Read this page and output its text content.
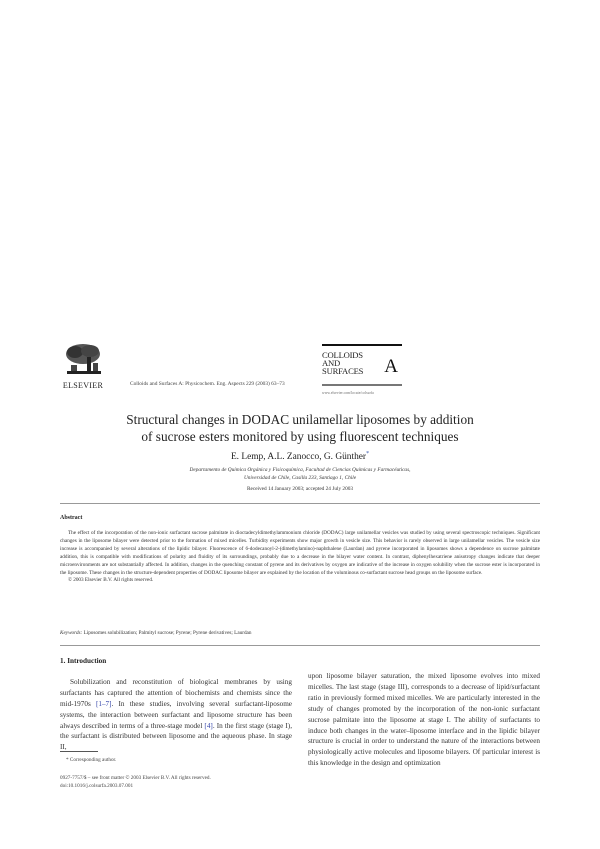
ELSEVIER	Colloids and Surfaces A: Physicochem. Eng. Aspects 229 (2003) 63–73
COLLOIDS
AND
SURFACES A
www.elsevier.com/locate/colsurfa
Structural changes in DODAC unilamellar liposomes by addition
of sucrose esters monitored by using fluorescent techniques
E. Lemp, A.L. Zanocco, G. Günther*
Departamento de Química Orgánica y Fisicoquímica, Facultad de Ciencias Químicas y Farmacéuticas,
Universidad de Chile, Casilla 233, Santiago 1, Chile
Received 14 January 2003; accepted 24 July 2003
Abstract

The effect of the incorporation of the non-ionic surfactant sucrose palmitate in dioctadecyldimethylammonium chloride (DODAC) large unilamellar vesicles was studied by using several spectroscopic techniques. Significant changes in the liposome bilayer were detected prior to the formation of mixed micelles. Turbidity experiments show major growth in vesicle size. This behavior is rarely observed in large unilamellar vesicles. The vesicle size increase is accompanied by several alterations of the lipidic bilayer. Fluorescence of 6-dodecanoyl-2-(dimethylamino)-naphthalene (Laurdan) and pyrene incorporated in liposomes shows a dependence on sucrose palmitate addition, this is compatible with modifications of polarity and fluidity of its surroundings, probably due to a decrease in the bilayer water content. In contrast, diphenylhexatriene anisotropy changes indicate that deeper microenvironments are not substantially affected. In addition, changes in the quenching constant of pyrene and its derivatives by oxygen are indicative of the increase in oxygen solubility when the sucrose ester is incorporated in the liposome. These changes in the structure-dependent properties of DODAC liposome bilayer are explained by the location of the voluminous co-surfactant sucrose head groups on the liposome surface.

© 2003 Elsevier B.V. All rights reserved.

Keywords: Liposomes solubilization; Palmityl sucrose; Pyrene; Pyrene derivatives; Laurdan
1. Introduction

Solubilization and reconstitution of biological membranes by using surfactants has captured the attention of biochemists and chemists since the mid-1970s [1–7]. In these studies, involving several surfactant-liposome systems, the interaction between surfactant and liposome structure has been always described in terms of a three-stage model [4]. In the first stage (stage I), the surfactant is distributed between liposome and the aqueous phase. In stage II,

upon liposome bilayer saturation, the mixed liposome evolves into mixed micelles. The last stage (stage III), corresponds to a decrease of lipid/surfactant ratio in previously formed mixed micelles. We are particularly interested in the study of changes promoted by the incorporation of the non-ionic surfactant sucrose palmitate into the liposome at stage I. The ability of surfactants to induce both changes in the water–liposome interface and in the lipidic bilayer structure is crucial in order to understand the nature of the interactions between physiologically active molecules and liposome bilayers. Of particular interest is this knowledge in the design and optimization

* Corresponding author.
0927-7757/$ – see front matter © 2003 Elsevier B.V. All rights reserved.
doi:10.1016/j.colsurfa.2003.07.001
